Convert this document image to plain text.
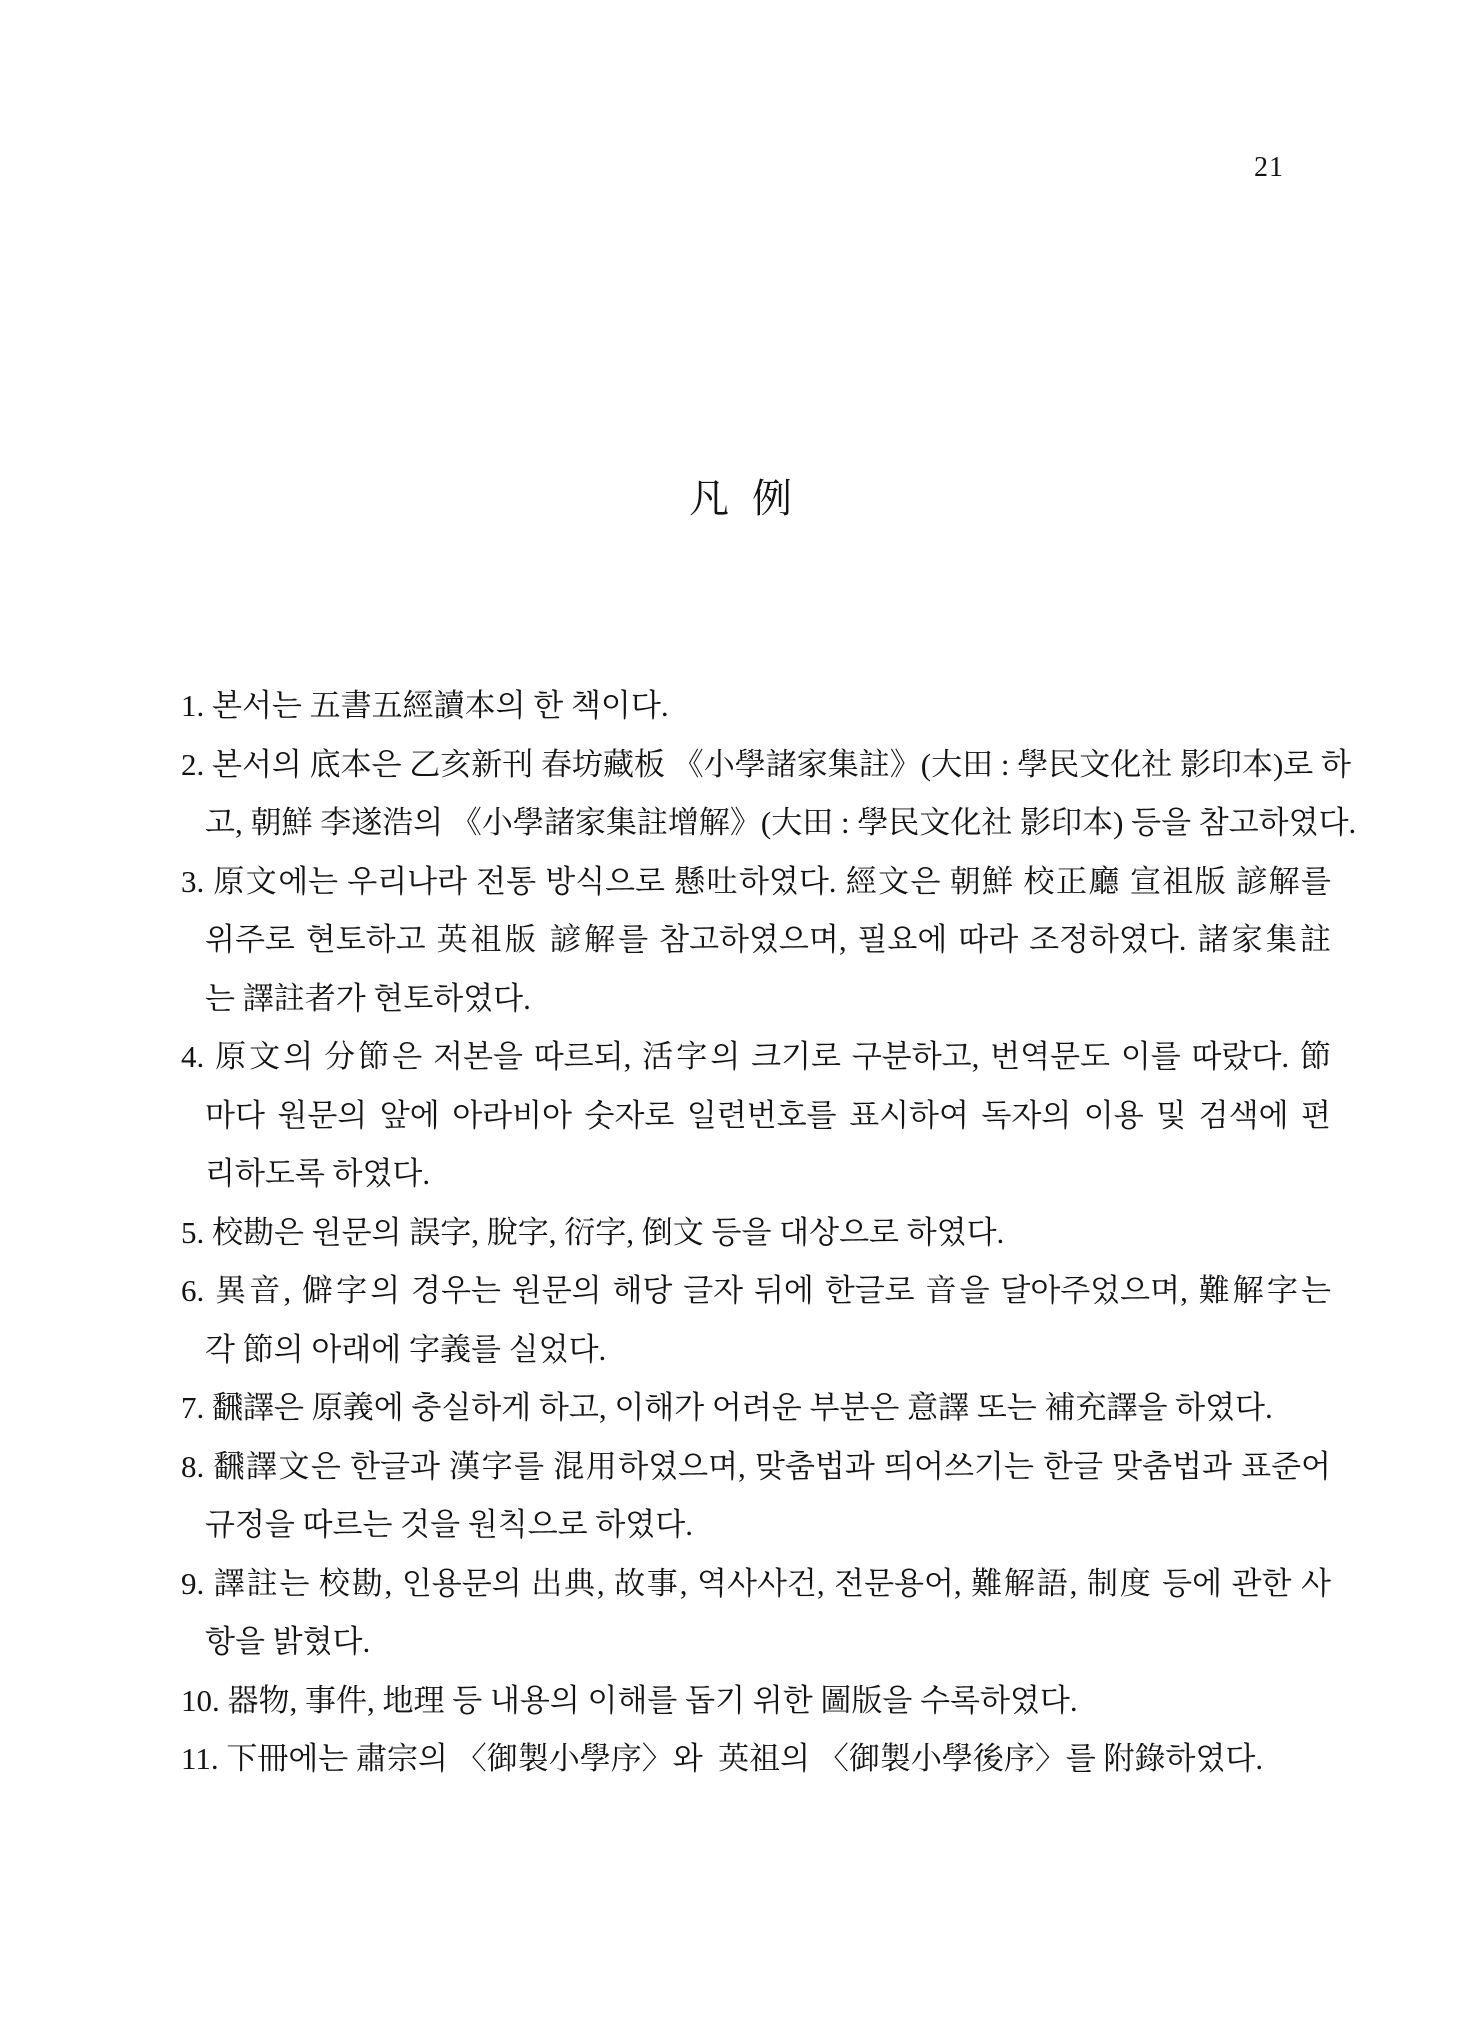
21
凡 例
1. 본서는 五書五經讀本의 한 책이다.
2. 본서의 底本은 乙亥新刊 春坊藏板 《小學諸家集註》(大田 : 學民文化社 影印本)로 하
고, 朝鮮 李遂浩의 《小學諸家集註增解》(大田 : 學民文化社 影印本) 등을 참고하였다.
3. 原文에는 우리나라 전통 방식으로 懸吐하였다. 經文은 朝鮮 校正廳 宣祖版 諺解를
위주로 현토하고 英祖版 諺解를 참고하였으며, 필요에 따라 조정하였다. 諸家集註
는 譯註者가 현토하였다.
4. 原文의 分節은 저본을 따르되, 活字의 크기로 구분하고, 번역문도 이를 따랐다. 節
마다 원문의 앞에 아라비아 숫자로 일련번호를 표시하여 독자의 이용 및 검색에 편
리하도록 하였다.
5. 校勘은 원문의 誤字, 脫字, 衍字, 倒文 등을 대상으로 하였다.
6. 異音, 僻字의 경우는 원문의 해당 글자 뒤에 한글로 音을 달아주었으며, 難解字는
각 節의 아래에 字義를 실었다.
7. 飜譯은 原義에 충실하게 하고, 이해가 어려운 부분은 意譯 또는 補充譯을 하였다.
8. 飜譯文은 한글과 漢字를 混用하였으며, 맞춤법과 띄어쓰기는 한글 맞춤법과 표준어
규정을 따르는 것을 원칙으로 하였다.
9. 譯註는 校勘, 인용문의 出典, 故事, 역사사건, 전문용어, 難解語, 制度 등에 관한 사
항을 밝혔다.
10. 器物, 事件, 地理 등 내용의 이해를 돕기 위한 圖版을 수록하였다.
11. 下冊에는 肅宗의 〈御製小學序〉와  英祖의 〈御製小學後序〉를 附錄하였다.
